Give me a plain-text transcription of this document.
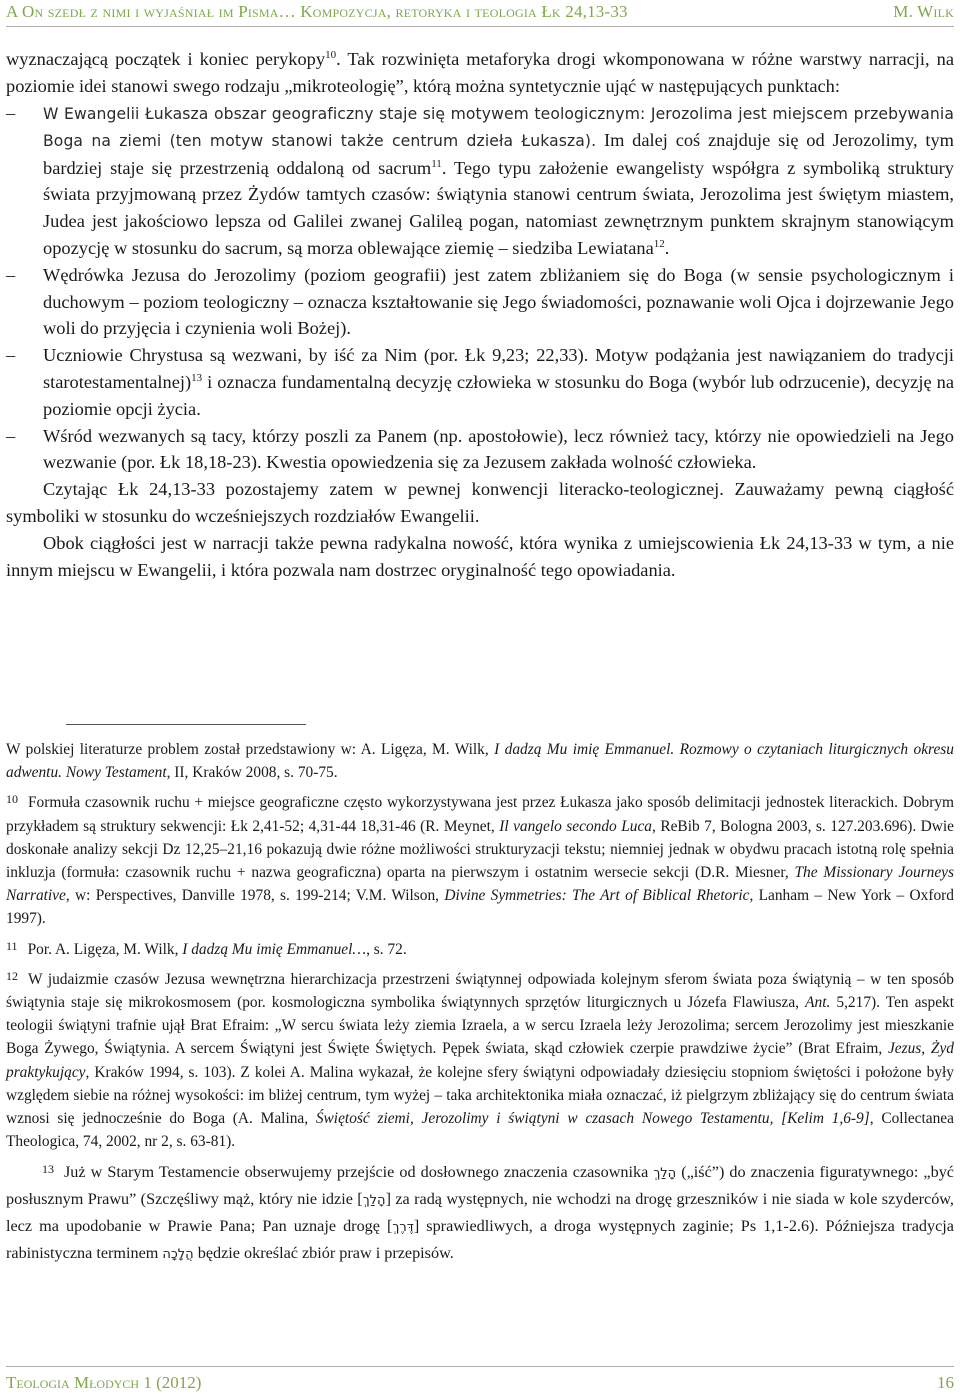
A On szedł z nimi i wyjaśniał im Pisma… Kompozycja, retoryka i teologia Łk 24,13-33	M. Wilk

wyznaczającą początek i koniec perykopy$^{10}$. Tak rozwinięta metaforyka drogi wkomponowana w różne warstwy narracji, na poziomie idei stanowi swego rodzaju „mikroteologię”, którą można syntetycznie ująć w następujących punktach:

– W Ewangelii Łukasza obszar geograficzny staje się motywem teologicznym: Jerozolima jest miejscem przebywania Boga na ziemi (ten motyw stanowi także centrum dzieła Łukasza). Im dalej coś znajduje się od Jerozolimy, tym bardziej staje się przestrzenią oddaloną od sacrum$^{11}$. Tego typu założenie ewangelisty współgra z symboliką struktury świata przyjmowaną przez Żydów tamtych czasów: świątynia stanowi centrum świata, Jerozolima jest świętym miastem, Judea jest jakościowo lepsza od Galilei zwanej Galileą pogan, natomiast zewnętrznym punktem skrajnym stanowiącym opozycję w stosunku do sacrum, są morza oblewające ziemię – siedziba Lewiatana$^{12}$.

– Wędrówka Jezusa do Jerozolimy (poziom geografii) jest zatem zbliżaniem się do Boga (w sensie psychologicznym i duchowym – poziom teologiczny – oznacza kształtowanie się Jego świadomości, poznawanie woli Ojca i dojrzewanie Jego woli do przyjęcia i czynienia woli Bożej).

– Uczniowie Chrystusa są wezwani, by iść za Nim (por. Łk 9,23; 22,33). Motyw podążania jest nawiązaniem do tradycji starotestamentalnej)$^{13}$ i oznacza fundamentalną decyzję człowieka w stosunku do Boga (wybór lub odrzucenie), decyzję na poziomie opcji życia.

– Wśród wezwanych są tacy, którzy poszli za Panem (np. apostołowie), lecz również tacy, którzy nie opowiedzieli na Jego wezwanie (por. Łk 18,18-23). Kwestia opowiedzenia się za Jezusem zakłada wolność człowieka.

Czytając Łk 24,13-33 pozostajemy zatem w pewnej konwencji literacko-teologicznej. Zauważamy pewną ciągłość symboliki w stosunku do wcześniejszych rozdziałów Ewangelii.

Obok ciągłości jest w narracji także pewna radykalna nowość, która wynika z umiejscowienia Łk 24,13-33 w tym, a nie innym miejscu w Ewangelii, i która pozwala nam dostrzec oryginalność tego opowiadania.

W polskiej literaturze problem został przedstawiony w: A. Ligęza, M. Wilk, I dadzą Mu imię Emmanuel. Rozmowy o czytaniach liturgicznych okresu adwentu. Nowy Testament, II, Kraków 2008, s. 70-75.

$^{10}$ Formuła czasownik ruchu + miejsce geograficzne często wykorzystywana jest przez Łukasza jako sposób delimitacji jednostek literackich. Dobrym przykładem są struktury sekwencji: Łk 2,41-52; 4,31-44 18,31-46 (R. Meynet, Il vangelo secondo Luca, ReBib 7, Bologna 2003, s. 127.203.696). Dwie doskonałe analizy sekcji Dz 12,25–21,16 pokazują dwie różne możliwości strukturyzacji tekstu; niemniej jednak w obydwu pracach istotną rolę spełnia inkluzja (formuła: czasownik ruchu + nazwa geograficzna) oparta na pierwszym i ostatnim wersecie sekcji (D.R. Miesner, The Missionary Journeys Narrative, w: Perspectives, Danville 1978, s. 199-214; V.M. Wilson, Divine Symmetries: The Art of Biblical Rhetoric, Lanham – New York – Oxford 1997).

$^{11}$ Por. A. Ligęza, M. Wilk, I dadzą Mu imię Emmanuel…, s. 72.

$^{12}$ W judaizmie czasów Jezusa wewnętrzna hierarchizacja przestrzeni świątynnej odpowiada kolejnym sferom świata poza świątynią – w ten sposób świątynia staje się mikrokosmosem (por. kosmologiczna symbolika świątynnych sprzętów liturgicznych u Józefa Flawiusza, Ant. 5,217). Ten aspekt teologii świątyni trafnie ujął Brat Efraim: „W sercu świata leży ziemia Izraela, a w sercu Izraela leży Jerozolima; sercem Jerozolimy jest mieszkanie Boga Żywego, Świątynia. A sercem Świątyni jest Święte Świętych. Pępek świata, skąd człowiek czerpie prawdziwe życie” (Brat Efraim, Jezus, Żyd praktykujący, Kraków 1994, s. 103). Z kolei A. Malina wykazał, że kolejne sfery świątyni odpowiadały dziesięciu stopniom świętości i położone były względem siebie na różnej wysokości: im bliżej centrum, tym wyżej – taka architektonika miała oznaczać, iż pielgrzym zbliżający się do centrum świata wznosi się jednocześnie do Boga (A. Malina, Świętość ziemi, Jerozolimy i świątyni w czasach Nowego Testamentu, [Kelim 1,6-9], Collectanea Theologica, 74, 2002, nr 2, s. 63-81).

$^{13}$ Już w Starym Testamencie obserwujemy przejście od dosłownego znaczenia czasownika הָלַךְ („iść”) do znaczenia figuratywnego: „być posłusznym Prawu” (Szczęśliwy mąż, który nie idzie [הָלַךְ] za radą występnych, nie wchodzi na drogę grzeszników i nie siada w kole szyderców, lecz ma upodobanie w Prawie Pana; Pan uznaje drogę [דֶּרֶךְ] sprawiedliwych, a droga występnych zaginie; Ps 1,1-2.6). Późniejsza tradycja rabinistyczna terminem הֲלָכָה będzie określać zbiór praw i przepisów.

Teologia Młodych 1 (2012)	16
